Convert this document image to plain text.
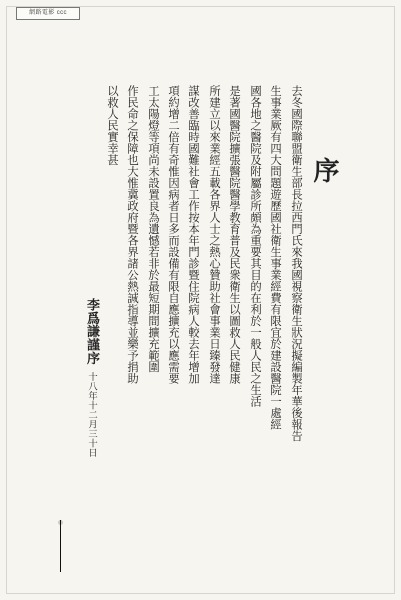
網路電影 ccc
序
去冬國際聯盟衛生部長拉西門氏來我國視察衛生狀況擬編製年華後報告
生事業厥有四大問題遊歷國社衛生事業經費有限宜於建設醫院一處經
國各地之醫院及附屬診所頗為重要其目的在利於一般人民之生活
是著國醫院擴張醫院醫學教育普及民衆衛生以圖救人民健康
所建立以來業經五載各界人士之熱心贊助社會事業日臻發達
謀改善臨時國難社會工作按本年門診暨住院病人較去年增加
項約增二倍有奇惟因病者日多而設備有限自應擴充以應需要
工太陽燈等項尚未設置良為遺憾若非於最短期間擴充範圍
作民命之保障也大惟冀政府暨各界諸公熱誠指導並樂予捐助
以救人民實幸甚
李爲謙謹序
十八年十二月三十日
